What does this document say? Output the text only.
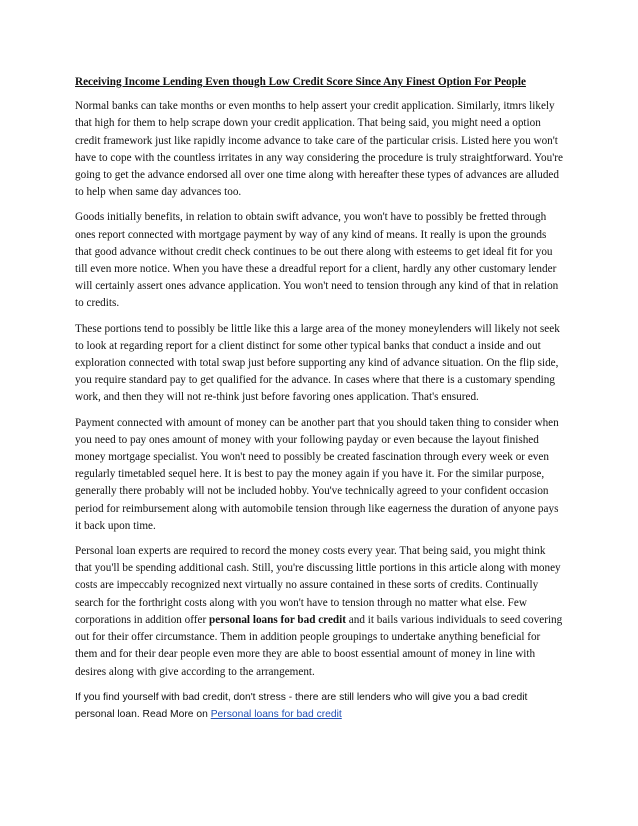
Receiving Income Lending Even though Low Credit Score Since Any Finest Option For People
Normal banks can take months or even months to help assert your credit application. Similarly, itmrs likely that high for them to help scrape down your credit application. That being said, you might need a option credit framework just like rapidly income advance to take care of the particular crisis. Listed here you won't have to cope with the countless irritates in any way considering the procedure is truly straightforward. You're going to get the advance endorsed all over one time along with hereafter these types of advances are alluded to help when same day advances too.
Goods initially benefits, in relation to obtain swift advance, you won't have to possibly be fretted through ones report connected with mortgage payment by way of any kind of means. It really is upon the grounds that good advance without credit check continues to be out there along with esteems to get ideal fit for you till even more notice. When you have these a dreadful report for a client, hardly any other customary lender will certainly assert ones advance application. You won't need to tension through any kind of that in relation to credits.
These portions tend to possibly be little like this a large area of the money moneylenders will likely not seek to look at regarding report for a client distinct for some other typical banks that conduct a inside and out exploration connected with total swap just before supporting any kind of advance situation. On the flip side, you require standard pay to get qualified for the advance. In cases where that there is a customary spending work, and then they will not re-think just before favoring ones application. That's ensured.
Payment connected with amount of money can be another part that you should taken thing to consider when you need to pay ones amount of money with your following payday or even because the layout finished money mortgage specialist. You won't need to possibly be created fascination through every week or even regularly timetabled sequel here. It is best to pay the money again if you have it. For the similar purpose, generally there probably will not be included hobby. You've technically agreed to your confident occasion period for reimbursement along with automobile tension through like eagerness the duration of anyone pays it back upon time.
Personal loan experts are required to record the money costs every year. That being said, you might think that you'll be spending additional cash. Still, you're discussing little portions in this article along with money costs are impeccably recognized next virtually no assure contained in these sorts of credits. Continually search for the forthright costs along with you won't have to tension through no matter what else. Few corporations in addition offer personal loans for bad credit and it bails various individuals to seed covering out for their offer circumstance. Them in addition people groupings to undertake anything beneficial for them and for their dear people even more they are able to boost essential amount of money in line with desires along with give according to the arrangement.
If you find yourself with bad credit, don't stress - there are still lenders who will give you a bad credit personal loan. Read More on Personal loans for bad credit
